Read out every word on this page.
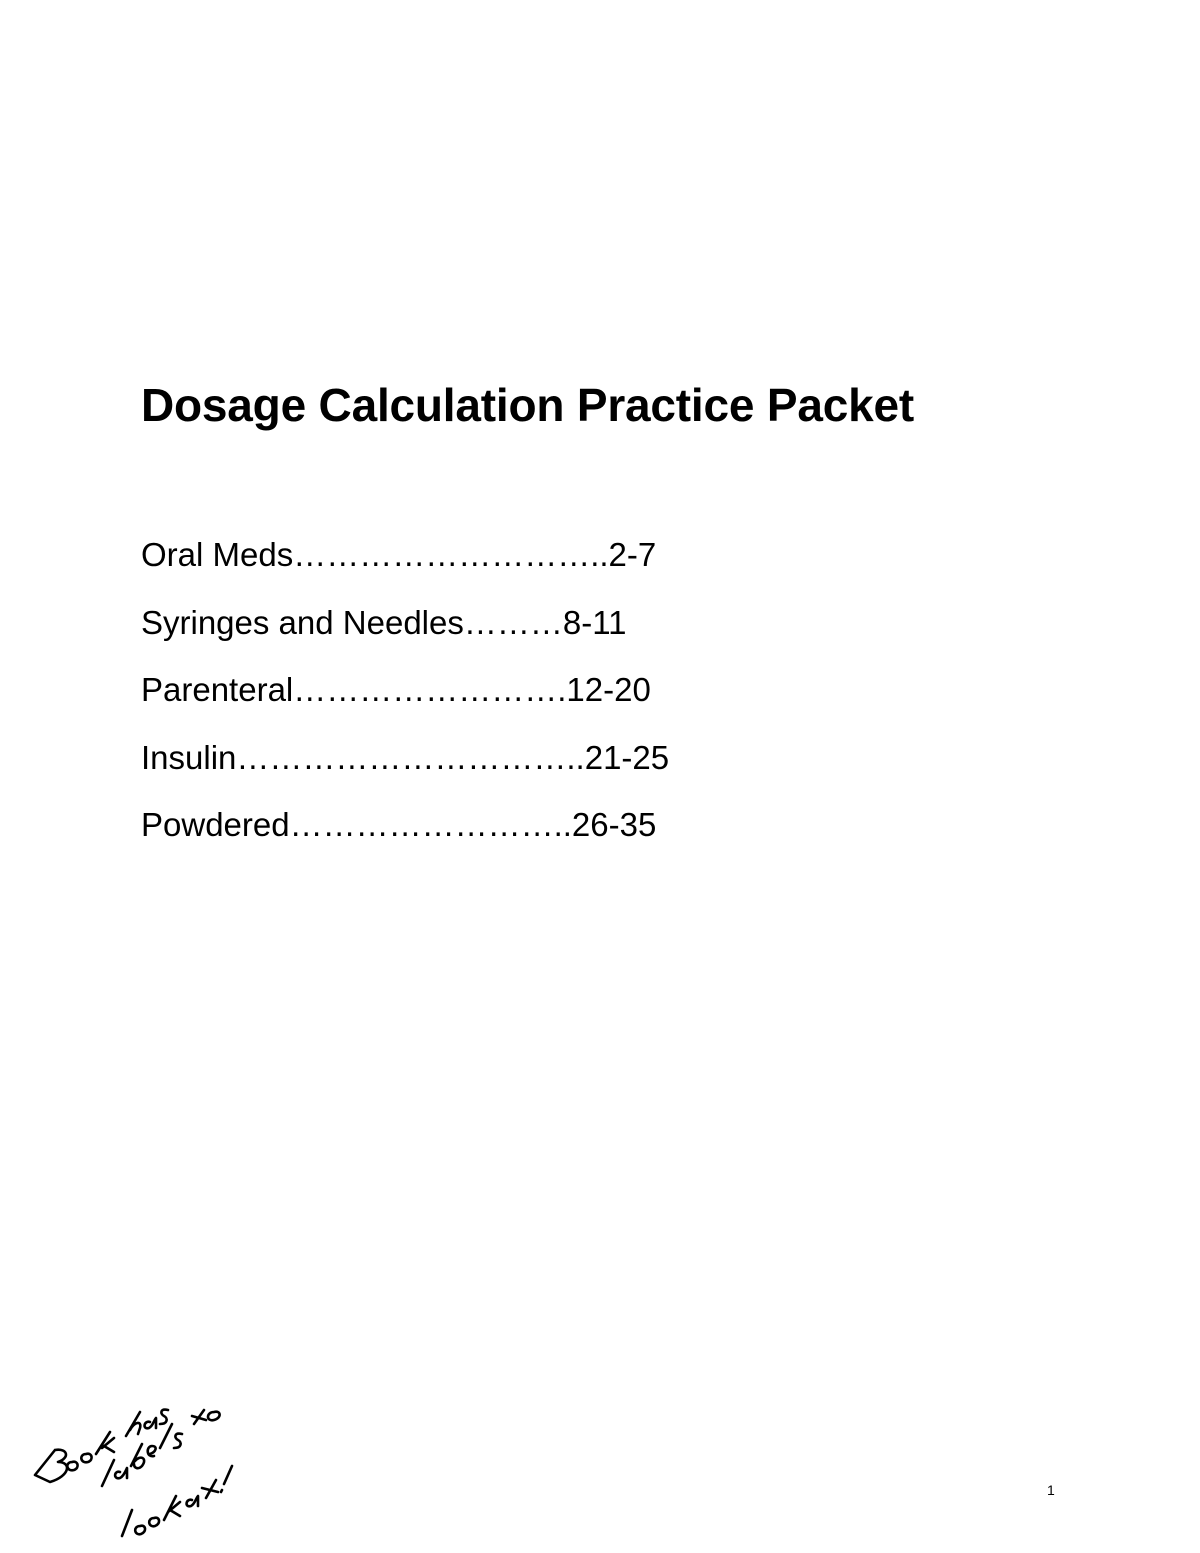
Dosage Calculation Practice Packet
Oral Meds………………………..2-7
Syringes and Needles………8-11
Parenteral…………………….12-20
Insulin…………………………..21-25
Powdered……………………..26-35
1
